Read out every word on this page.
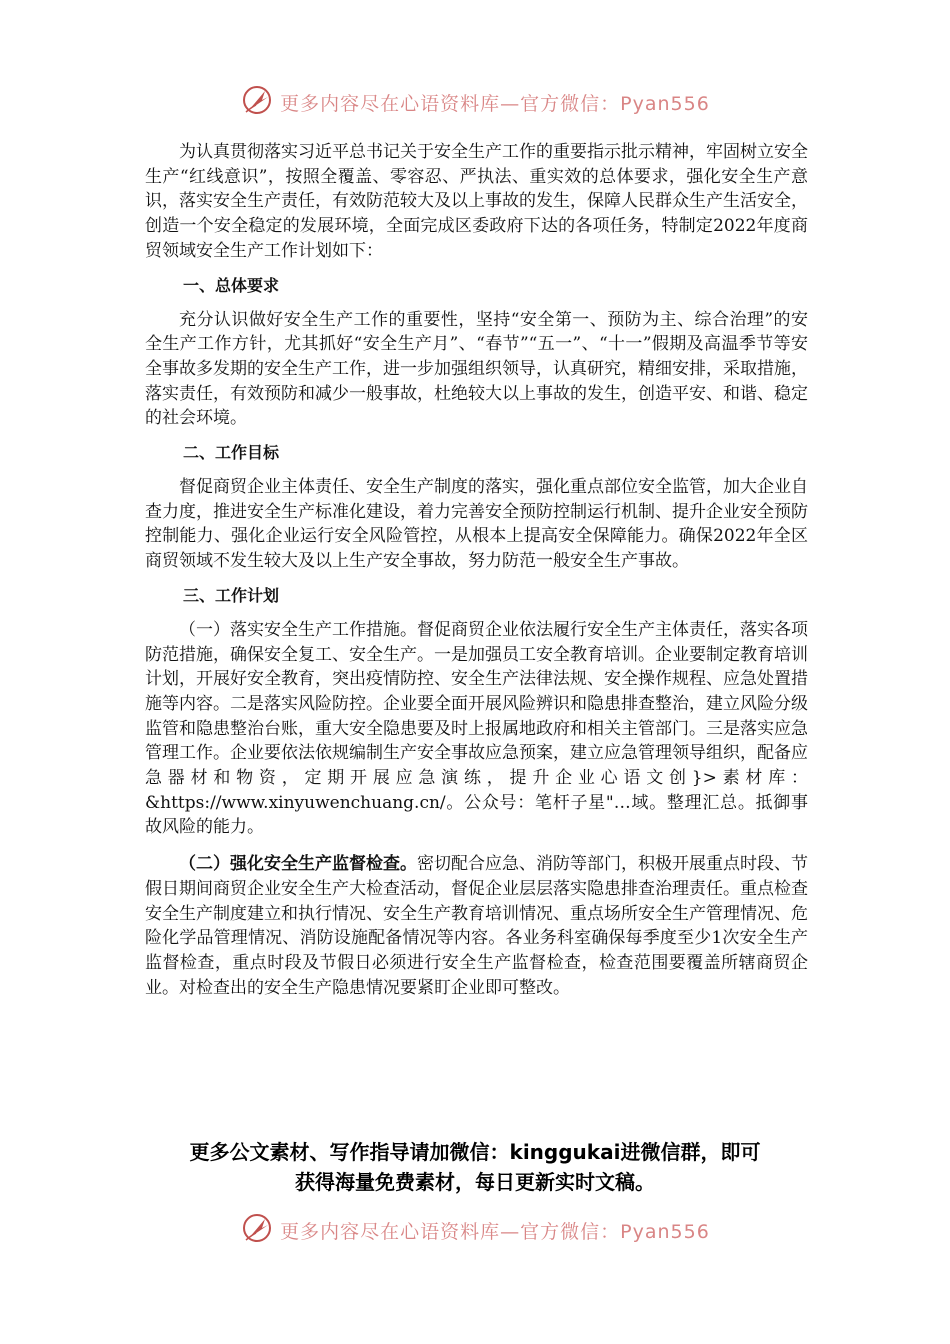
更多内容尽在心语资料库—官方微信：Pyan556

为认真贯彻落实习近平总书记关于安全生产工作的重要指示批示精神，牢固树立安全生产“红线意识”，按照全覆盖、零容忍、严执法、重实效的总体要求，强化安全生产意识，落实安全生产责任，有效防范较大及以上事故的发生，保障人民群众生产生活安全，创造一个安全稳定的发展环境，全面完成区委政府下达的各项任务，特制定2022年度商贸领域安全生产工作计划如下：

一、总体要求

充分认识做好安全生产工作的重要性，坚持“安全第一、预防为主、综合治理”的安全生产工作方针，尤其抓好“安全生产月”、“春节”“五一”、“十一”假期及高温季节等安全事故多发期的安全生产工作，进一步加强组织领导，认真研究，精细安排，采取措施，落实责任，有效预防和减少一般事故，杜绝较大以上事故的发生，创造平安、和谐、稳定的社会环境。

二、工作目标

督促商贸企业主体责任、安全生产制度的落实，强化重点部位安全监管，加大企业自查力度，推进安全生产标准化建设，着力完善安全预防控制运行机制、提升企业安全预防控制能力、强化企业运行安全风险管控，从根本上提高安全保障能力。确保2022年全区商贸领域不发生较大及以上生产安全事故，努力防范一般安全生产事故。

三、工作计划

（一）落实安全生产工作措施。督促商贸企业依法履行安全生产主体责任，落实各项防范措施，确保安全复工、安全生产。一是加强员工安全教育培训。企业要制定教育培训计划，开展好安全教育，突出疫情防控、安全生产法律法规、安全操作规程、应急处置措施等内容。二是落实风险防控。企业要全面开展风险辨识和隐患排查整治，建立风险分级监管和隐患整治台账，重大安全隐患要及时上报属地政府和相关主管部门。三是落实应急管理工作。企业要依法依规编制生产安全事故应急预案，建立应急管理领导组织，配备应急器材和物资，定期开展应急演练，提升企业心语文创}>素材库：&https://www.xinyuwenchuang.cn/。公众号：笔杆子星"…域。整理汇总。抵御事故风险的能力。

（二）强化安全生产监督检查。密切配合应急、消防等部门，积极开展重点时段、节假日期间商贸企业安全生产大检查活动，督促企业层层落实隐患排查治理责任。重点检查安全生产制度建立和执行情况、安全生产教育培训情况、重点场所安全生产管理情况、危险化学品管理情况、消防设施配备情况等内容。各业务科室确保每季度至少1次安全生产监督检查，重点时段及节假日必须进行安全生产监督检查，检查范围要覆盖所辖商贸企业。对检查出的安全生产隐患情况要紧盯企业即可整改。

更多公文素材、写作指导请加微信：kinggukai进微信群，即可
获得海量免费素材，每日更新实时文稿。
更多内容尽在心语资料库—官方微信：Pyan556
